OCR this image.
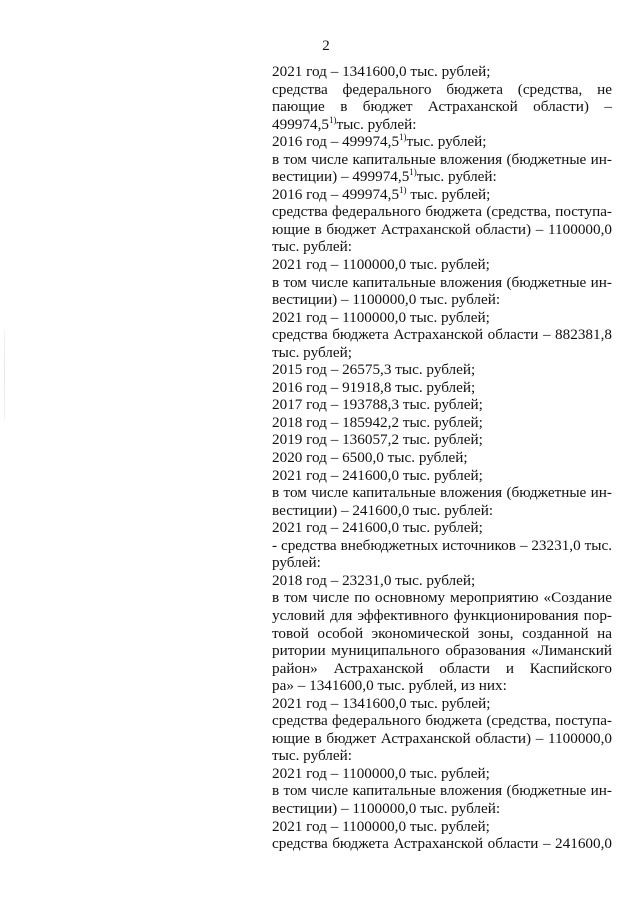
2
2021 год – 1341600,0 тыс. рублей;
средства федерального бюджета (средства, не
пающие в бюджет Астраханской области) –
499974,5$^{1)}$тыс. рублей:
2016 год – 499974,5$^{1)}$тыс. рублей;
в том числе капитальные вложения (бюджетные ин-
вестиции) – 499974,5$^{1)}$тыс. рублей:
2016 год – 499974,5$^{1)}$ тыс. рублей;
средства федерального бюджета (средства, поступа-
ющие в бюджет Астраханской области) – 1100000,0
тыс. рублей:
2021 год – 1100000,0 тыс. рублей;
в том числе капитальные вложения (бюджетные ин-
вестиции) – 1100000,0 тыс. рублей:
2021 год – 1100000,0 тыс. рублей;
средства бюджета Астраханской области – 882381,8
тыс. рублей;
2015 год – 26575,3 тыс. рублей;
2016 год – 91918,8 тыс. рублей;
2017 год – 193788,3 тыс. рублей;
2018 год – 185942,2 тыс. рублей;
2019 год – 136057,2 тыс. рублей;
2020 год – 6500,0 тыс. рублей;
2021 год – 241600,0 тыс. рублей;
в том числе капитальные вложения (бюджетные ин-
вестиции) – 241600,0 тыс. рублей:
2021 год – 241600,0 тыс. рублей;
- средства внебюджетных источников – 23231,0 тыс.
рублей:
2018 год – 23231,0 тыс. рублей;
в том числе по основному мероприятию «Создание
условий для эффективного функционирования пор-
товой особой экономической зоны, созданной на
ритории муниципального образования «Лиманский
район» Астраханской области и Каспийского
ра» – 1341600,0 тыс. рублей, из них:
2021 год – 1341600,0 тыс. рублей;
средства федерального бюджета (средства, поступа-
ющие в бюджет Астраханской области) – 1100000,0
тыс. рублей:
2021 год – 1100000,0 тыс. рублей;
в том числе капитальные вложения (бюджетные ин-
вестиции) – 1100000,0 тыс. рублей:
2021 год – 1100000,0 тыс. рублей;
средства бюджета Астраханской области – 241600,0
